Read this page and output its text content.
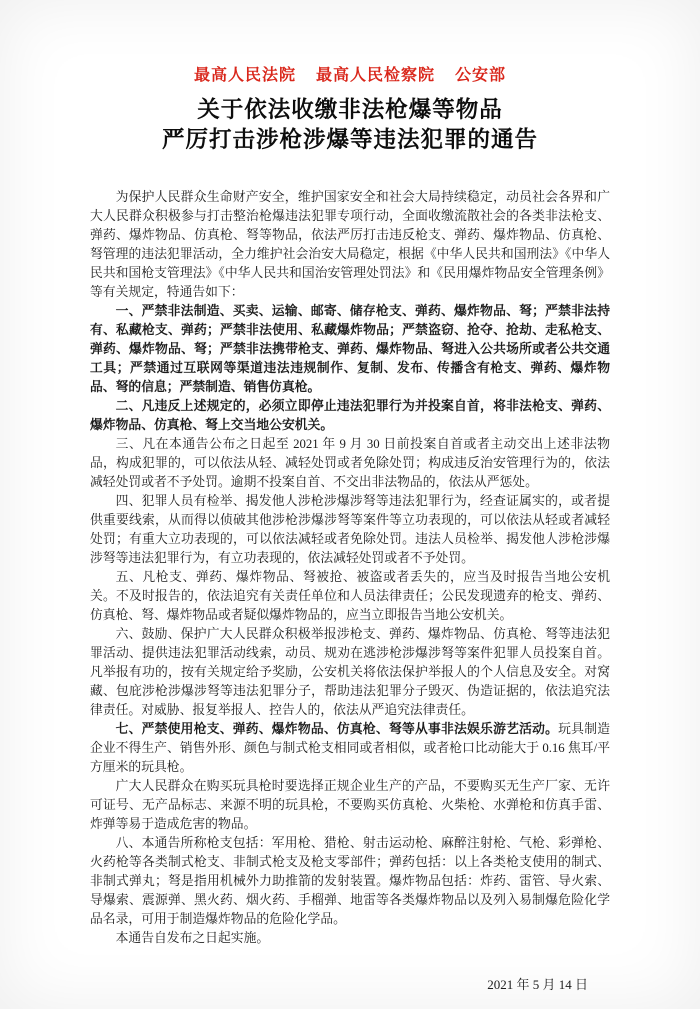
最高人民法院 最高人民检察院 公安部
关于依法收缴非法枪爆等物品
严厉打击涉枪涉爆等违法犯罪的通告

为保护人民群众生命财产安全，维护国家安全和社会大局持续稳定，动员社会各界和广大人民群众积极参与打击整治枪爆违法犯罪专项行动，全面收缴流散社会的各类非法枪支、弹药、爆炸物品、仿真枪、弩等物品，依法严厉打击违反枪支、弹药、爆炸物品、仿真枪、弩管理的违法犯罪活动，全力维护社会治安大局稳定，根据《中华人民共和国刑法》《中华人民共和国枪支管理法》《中华人民共和国治安管理处罚法》和《民用爆炸物品安全管理条例》等有关规定，特通告如下：

一、严禁非法制造、买卖、运输、邮寄、储存枪支、弹药、爆炸物品、弩；严禁非法持有、私藏枪支、弹药；严禁非法使用、私藏爆炸物品；严禁盗窃、抢夺、抢劫、走私枪支、弹药、爆炸物品、弩；严禁非法携带枪支、弹药、爆炸物品、弩进入公共场所或者公共交通工具；严禁通过互联网等渠道违法违规制作、复制、发布、传播含有枪支、弹药、爆炸物品、弩的信息；严禁制造、销售仿真枪。

二、凡违反上述规定的，必须立即停止违法犯罪行为并投案自首，将非法枪支、弹药、爆炸物品、仿真枪、弩上交当地公安机关。

三、凡在本通告公布之日起至 2021 年 9 月 30 日前投案自首或者主动交出上述非法物品，构成犯罪的，可以依法从轻、减轻处罚或者免除处罚；构成违反治安管理行为的，依法减轻处罚或者不予处罚。逾期不投案自首、不交出非法物品的，依法从严惩处。

四、犯罪人员有检举、揭发他人涉枪涉爆涉弩等违法犯罪行为，经查证属实的，或者提供重要线索，从而得以侦破其他涉枪涉爆涉弩等案件等立功表现的，可以依法从轻或者减轻处罚；有重大立功表现的，可以依法减轻或者免除处罚。违法人员检举、揭发他人涉枪涉爆涉弩等违法犯罪行为，有立功表现的，依法减轻处罚或者不予处罚。

五、凡枪支、弹药、爆炸物品、弩被抢、被盗或者丢失的，应当及时报告当地公安机关。不及时报告的，依法追究有关责任单位和人员法律责任；公民发现遗弃的枪支、弹药、仿真枪、弩、爆炸物品或者疑似爆炸物品的，应当立即报告当地公安机关。

六、鼓励、保护广大人民群众积极举报涉枪支、弹药、爆炸物品、仿真枪、弩等违法犯罪活动、提供违法犯罪活动线索，动员、规劝在逃涉枪涉爆涉弩等案件犯罪人员投案自首。凡举报有功的，按有关规定给予奖励，公安机关将依法保护举报人的个人信息及安全。对窝藏、包庇涉枪涉爆涉弩等违法犯罪分子，帮助违法犯罪分子毁灭、伪造证据的，依法追究法律责任。对威胁、报复举报人、控告人的，依法从严追究法律责任。

七、严禁使用枪支、弹药、爆炸物品、仿真枪、弩等从事非法娱乐游艺活动。玩具制造企业不得生产、销售外形、颜色与制式枪支相同或者相似，或者枪口比动能大于 0.16 焦耳/平方厘米的玩具枪。

广大人民群众在购买玩具枪时要选择正规企业生产的产品，不要购买无生产厂家、无许可证号、无产品标志、来源不明的玩具枪，不要购买仿真枪、火柴枪、水弹枪和仿真手雷、炸弹等易于造成危害的物品。

八、本通告所称枪支包括：军用枪、猎枪、射击运动枪、麻醉注射枪、气枪、彩弹枪、火药枪等各类制式枪支、非制式枪支及枪支零部件；弹药包括：以上各类枪支使用的制式、非制式弹丸；弩是指用机械外力助推箭的发射装置。爆炸物品包括：炸药、雷管、导火索、导爆索、震源弹、黑火药、烟火药、手榴弹、地雷等各类爆炸物品以及列入易制爆危险化学品名录，可用于制造爆炸物品的危险化学品。

本通告自发布之日起实施。

2021 年 5 月 14 日
